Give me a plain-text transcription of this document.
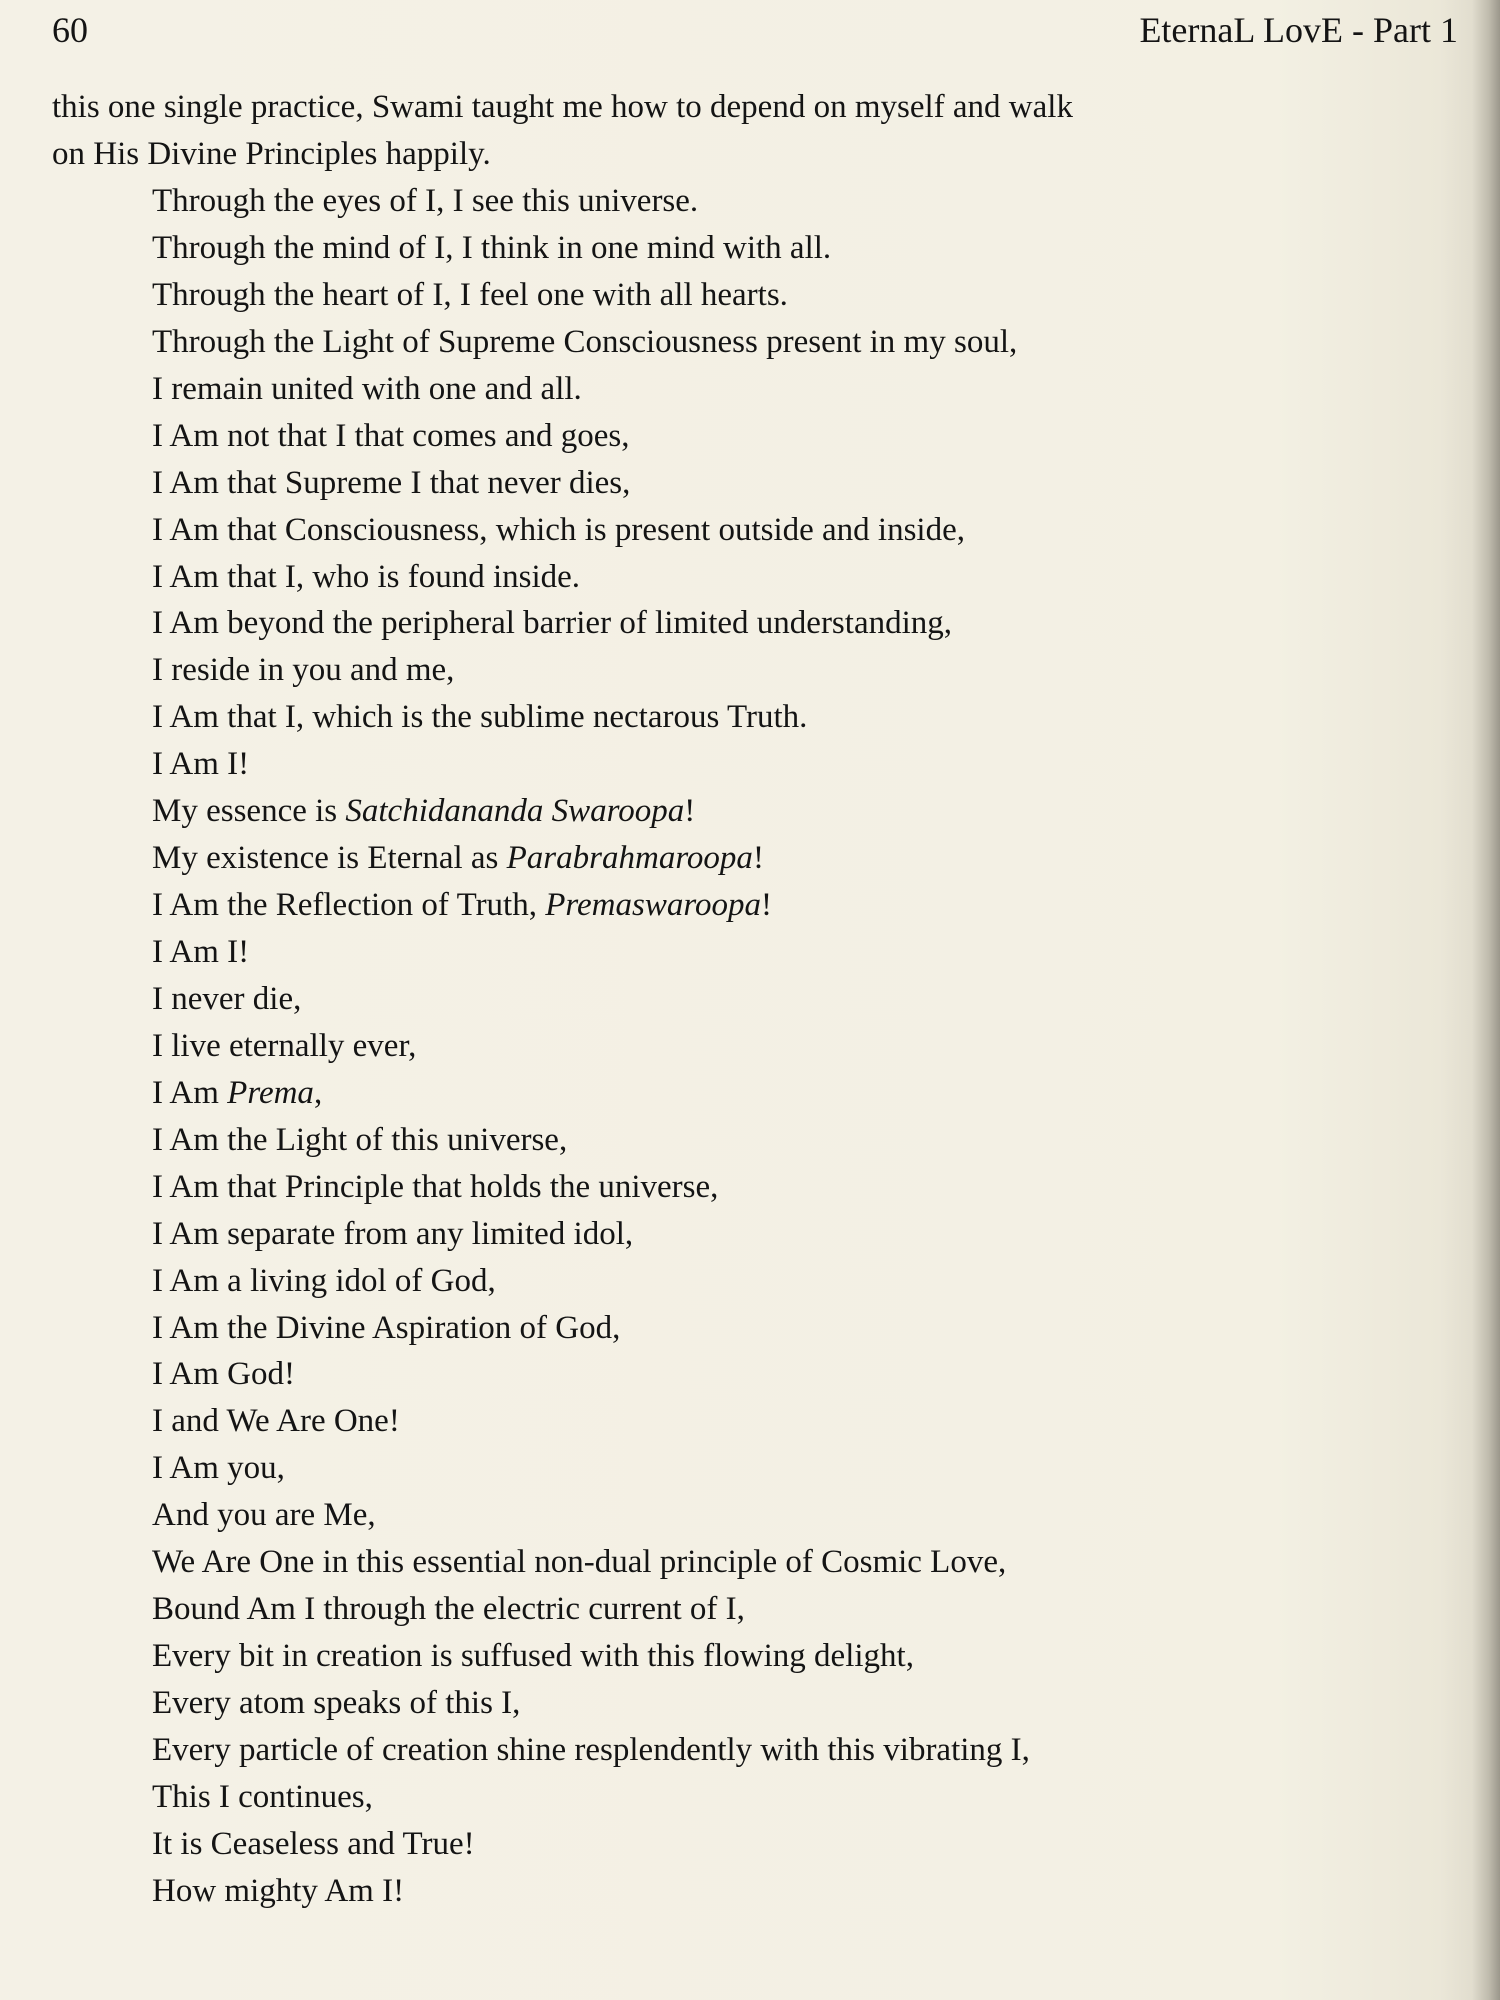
60	EternaL LovE - Part 1

this one single practice, Swami taught me how to depend on myself and walk

on His Divine Principles happily.

Through the eyes of I, I see this universe.
Through the mind of I, I think in one mind with all.
Through the heart of I, I feel one with all hearts.
Through the Light of Supreme Consciousness present in my soul,
I remain united with one and all.
I Am not that I that comes and goes,
I Am that Supreme I that never dies,
I Am that Consciousness, which is present outside and inside,
I Am that I, who is found inside.
I Am beyond the peripheral barrier of limited understanding,
I reside in you and me,
I Am that I, which is the sublime nectarous Truth.
I Am I!
My essence is Satchidananda Swaroopa!
My existence is Eternal as Parabrahmaroopa!
I Am the Reflection of Truth, Premaswaroopa!
I Am I!
I never die,
I live eternally ever,
I Am Prema,
I Am the Light of this universe,
I Am that Principle that holds the universe,
I Am separate from any limited idol,
I Am a living idol of God,
I Am the Divine Aspiration of God,
I Am God!
I and We Are One!
I Am you,
And you are Me,
We Are One in this essential non-dual principle of Cosmic Love,
Bound Am I through the electric current of I,
Every bit in creation is suffused with this flowing delight,
Every atom speaks of this I,
Every particle of creation shine resplendently with this vibrating I,
This I continues,
It is Ceaseless and True!
How mighty Am I!
